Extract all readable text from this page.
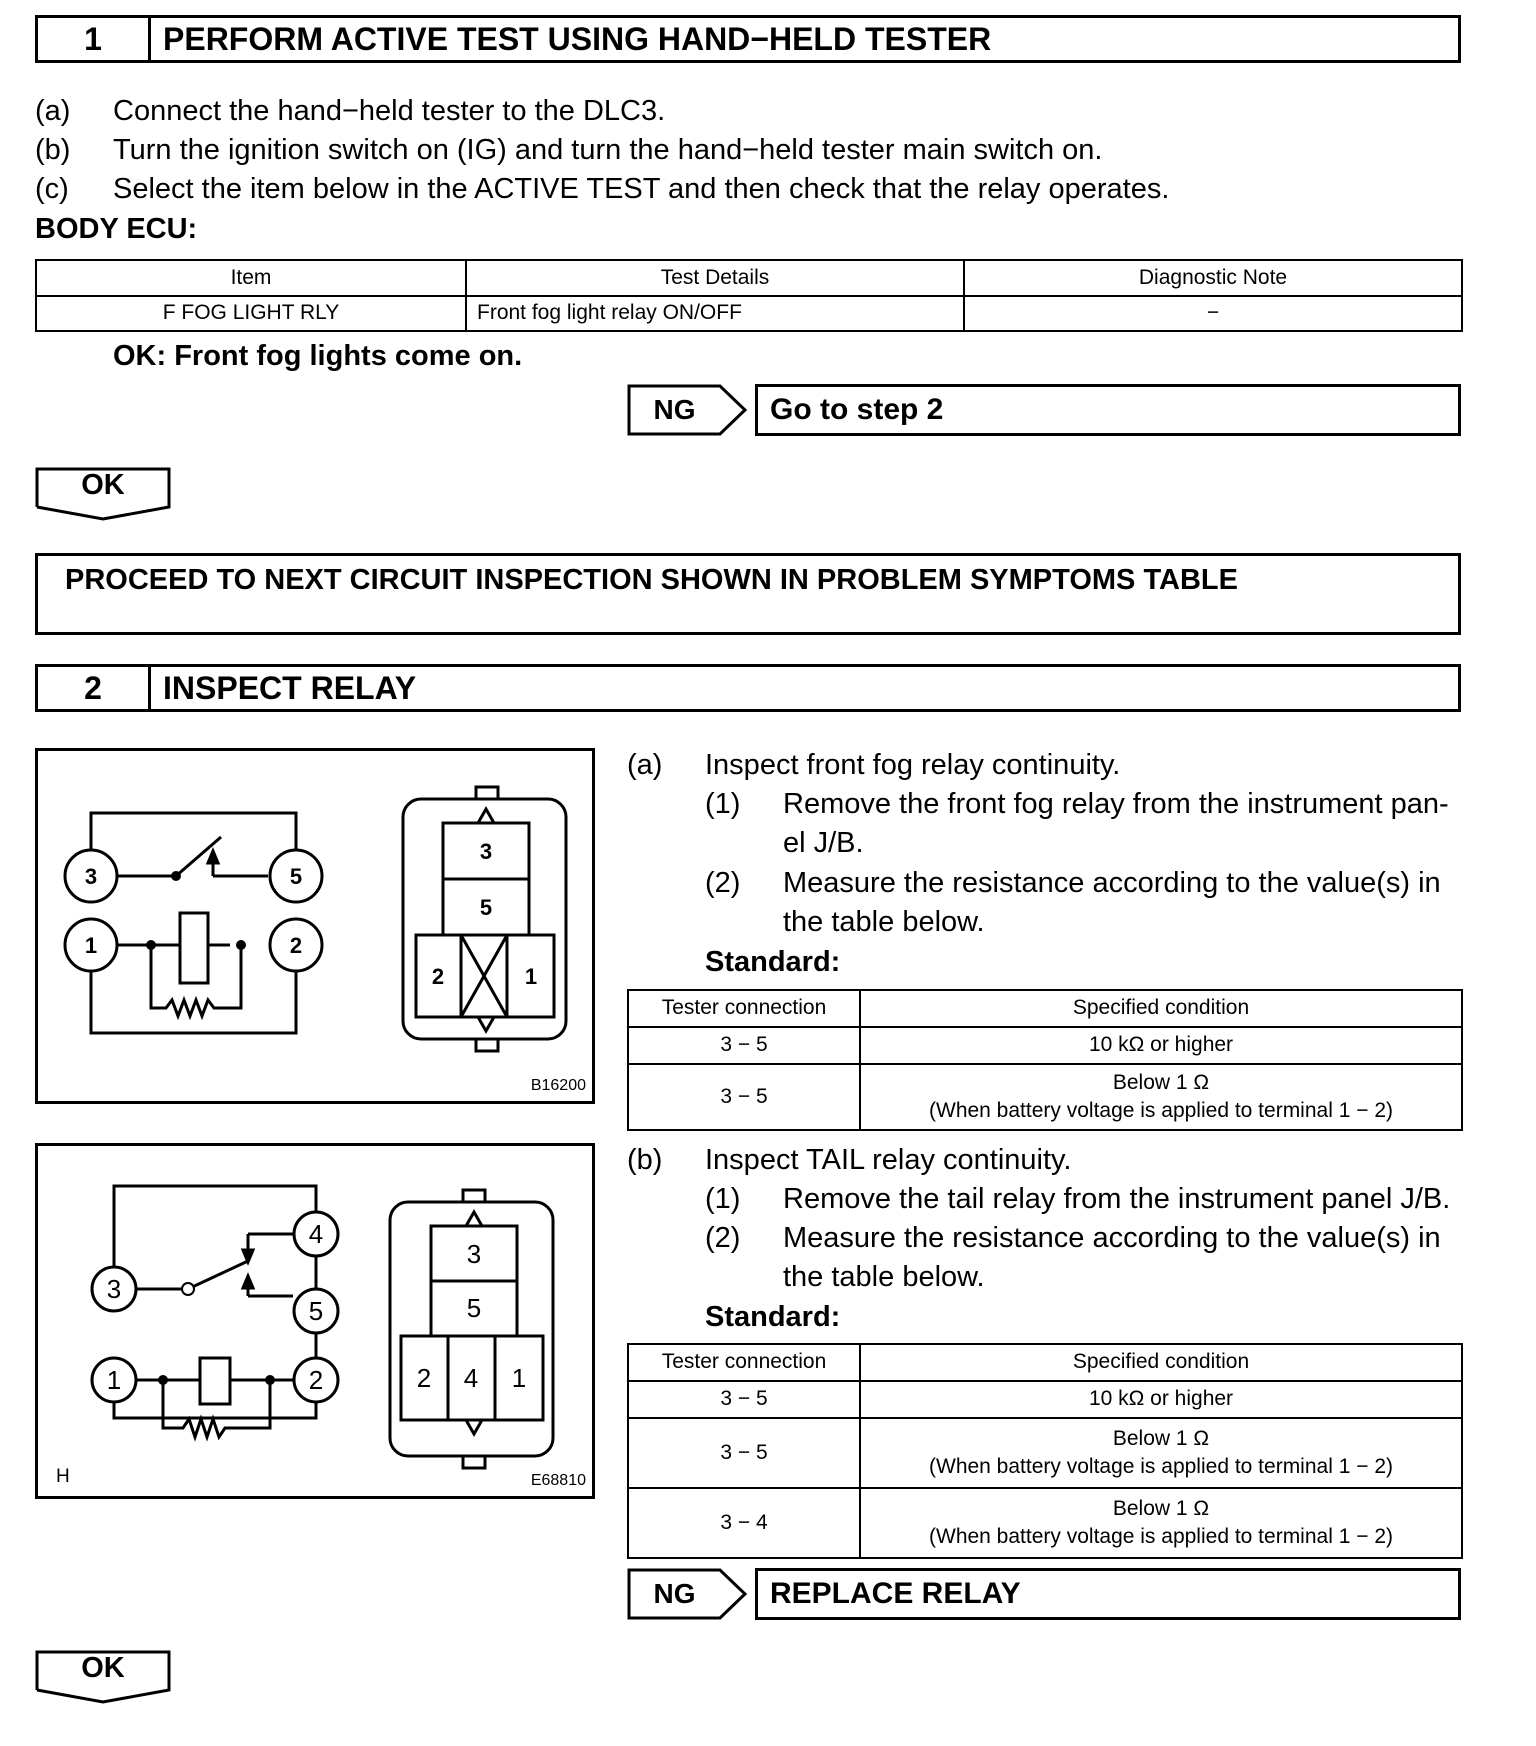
1	PERFORM ACTIVE TEST USING HAND−HELD TESTER
(a) Connect the hand−held tester to the DLC3.
(b) Turn the ignition switch on (IG) and turn the hand−held tester main switch on.
(c) Select the item below in the ACTIVE TEST and then check that the relay operates.
BODY ECU:
Item	Test Details	Diagnostic Note
F FOG LIGHT RLY	Front fog light relay ON/OFF	−
OK: Front fog lights come on.
NG	Go to step 2
OK
PROCEED TO NEXT CIRCUIT INSPECTION SHOWN IN PROBLEM SYMPTOMS TABLE
2	INSPECT RELAY
3	5
1	2
3
5
2	1
B16200
4
3
5
1	2
3
5
2 4 1
H	E68810
(a) Inspect front fog relay continuity.
(1) Remove the front fog relay from the instrument pan-
el J/B.
(2) Measure the resistance according to the value(s) in
the table below.
Standard:
Tester connection	Specified condition
3 − 5	10 kΩ or higher
3 − 5	Below 1 Ω
(When battery voltage is applied to terminal 1 − 2)
(b) Inspect TAIL relay continuity.
(1) Remove the tail relay from the instrument panel J/B.
(2) Measure the resistance according to the value(s) in
the table below.
Standard:
Tester connection	Specified condition
3 − 5	10 kΩ or higher
3 − 5	Below 1 Ω
(When battery voltage is applied to terminal 1 − 2)

3 − 4	Below 1 Ω
(When battery voltage is applied to terminal 1 − 2)
NG	REPLACE RELAY
OK
